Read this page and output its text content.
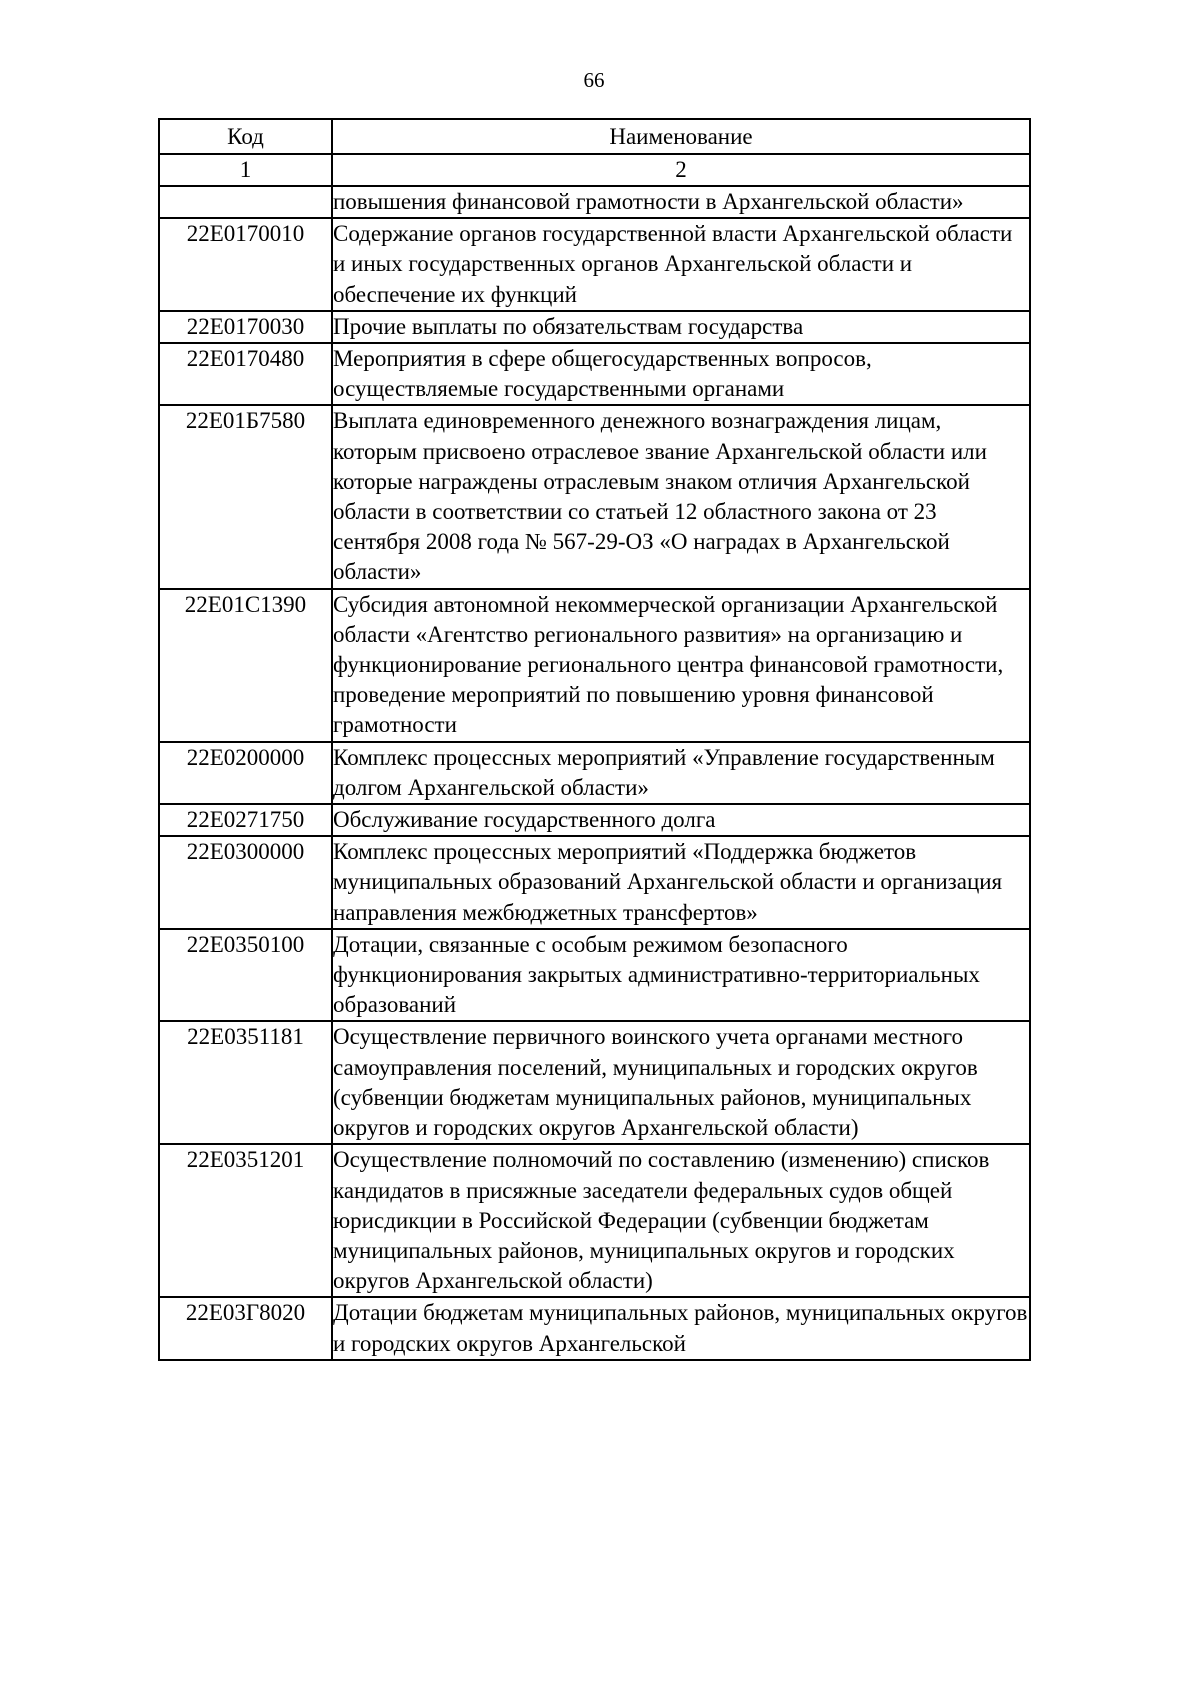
66
Код	Наименование
1	2
	повышения финансовой грамотности в Архангельской области»
22Е0170010	Содержание органов государственной власти Архангельской области и иных государственных органов Архангельской области и обеспечение их функций
22Е0170030	Прочие выплаты по обязательствам государства
22Е0170480	Мероприятия в сфере общегосударственных вопросов, осуществляемые государственными органами
22Е01Б7580	Выплата единовременного денежного вознаграждения лицам, которым присвоено отраслевое звание Архангельской области или которые награждены отраслевым знаком отличия Архангельской области в соответствии со статьей 12 областного закона от 23 сентября 2008 года № 567-29-ОЗ «О наградах в Архангельской области»
22Е01С1390	Субсидия автономной некоммерческой организации Архангельской области «Агентство регионального развития» на организацию и функционирование регионального центра финансовой грамотности, проведение мероприятий по повышению уровня финансовой грамотности
22Е0200000	Комплекс процессных мероприятий «Управление государственным долгом Архангельской области»
22Е0271750	Обслуживание государственного долга
22Е0300000	Комплекс процессных мероприятий «Поддержка бюджетов муниципальных образований Архангельской области и организация направления межбюджетных трансфертов»
22Е0350100	Дотации, связанные с особым режимом безопасного функционирования закрытых административно-территориальных образований
22Е0351181	Осуществление первичного воинского учета органами местного самоуправления поселений, муниципальных и городских округов (субвенции бюджетам муниципальных районов, муниципальных округов и городских округов Архангельской области)
22Е0351201	Осуществление полномочий по составлению (изменению) списков кандидатов в присяжные заседатели федеральных судов общей юрисдикции в Российской Федерации (субвенции бюджетам муниципальных районов, муниципальных округов и городских округов Архангельской области)
22Е03Г8020	Дотации бюджетам муниципальных районов, муниципальных округов и городских округов Архангельской
